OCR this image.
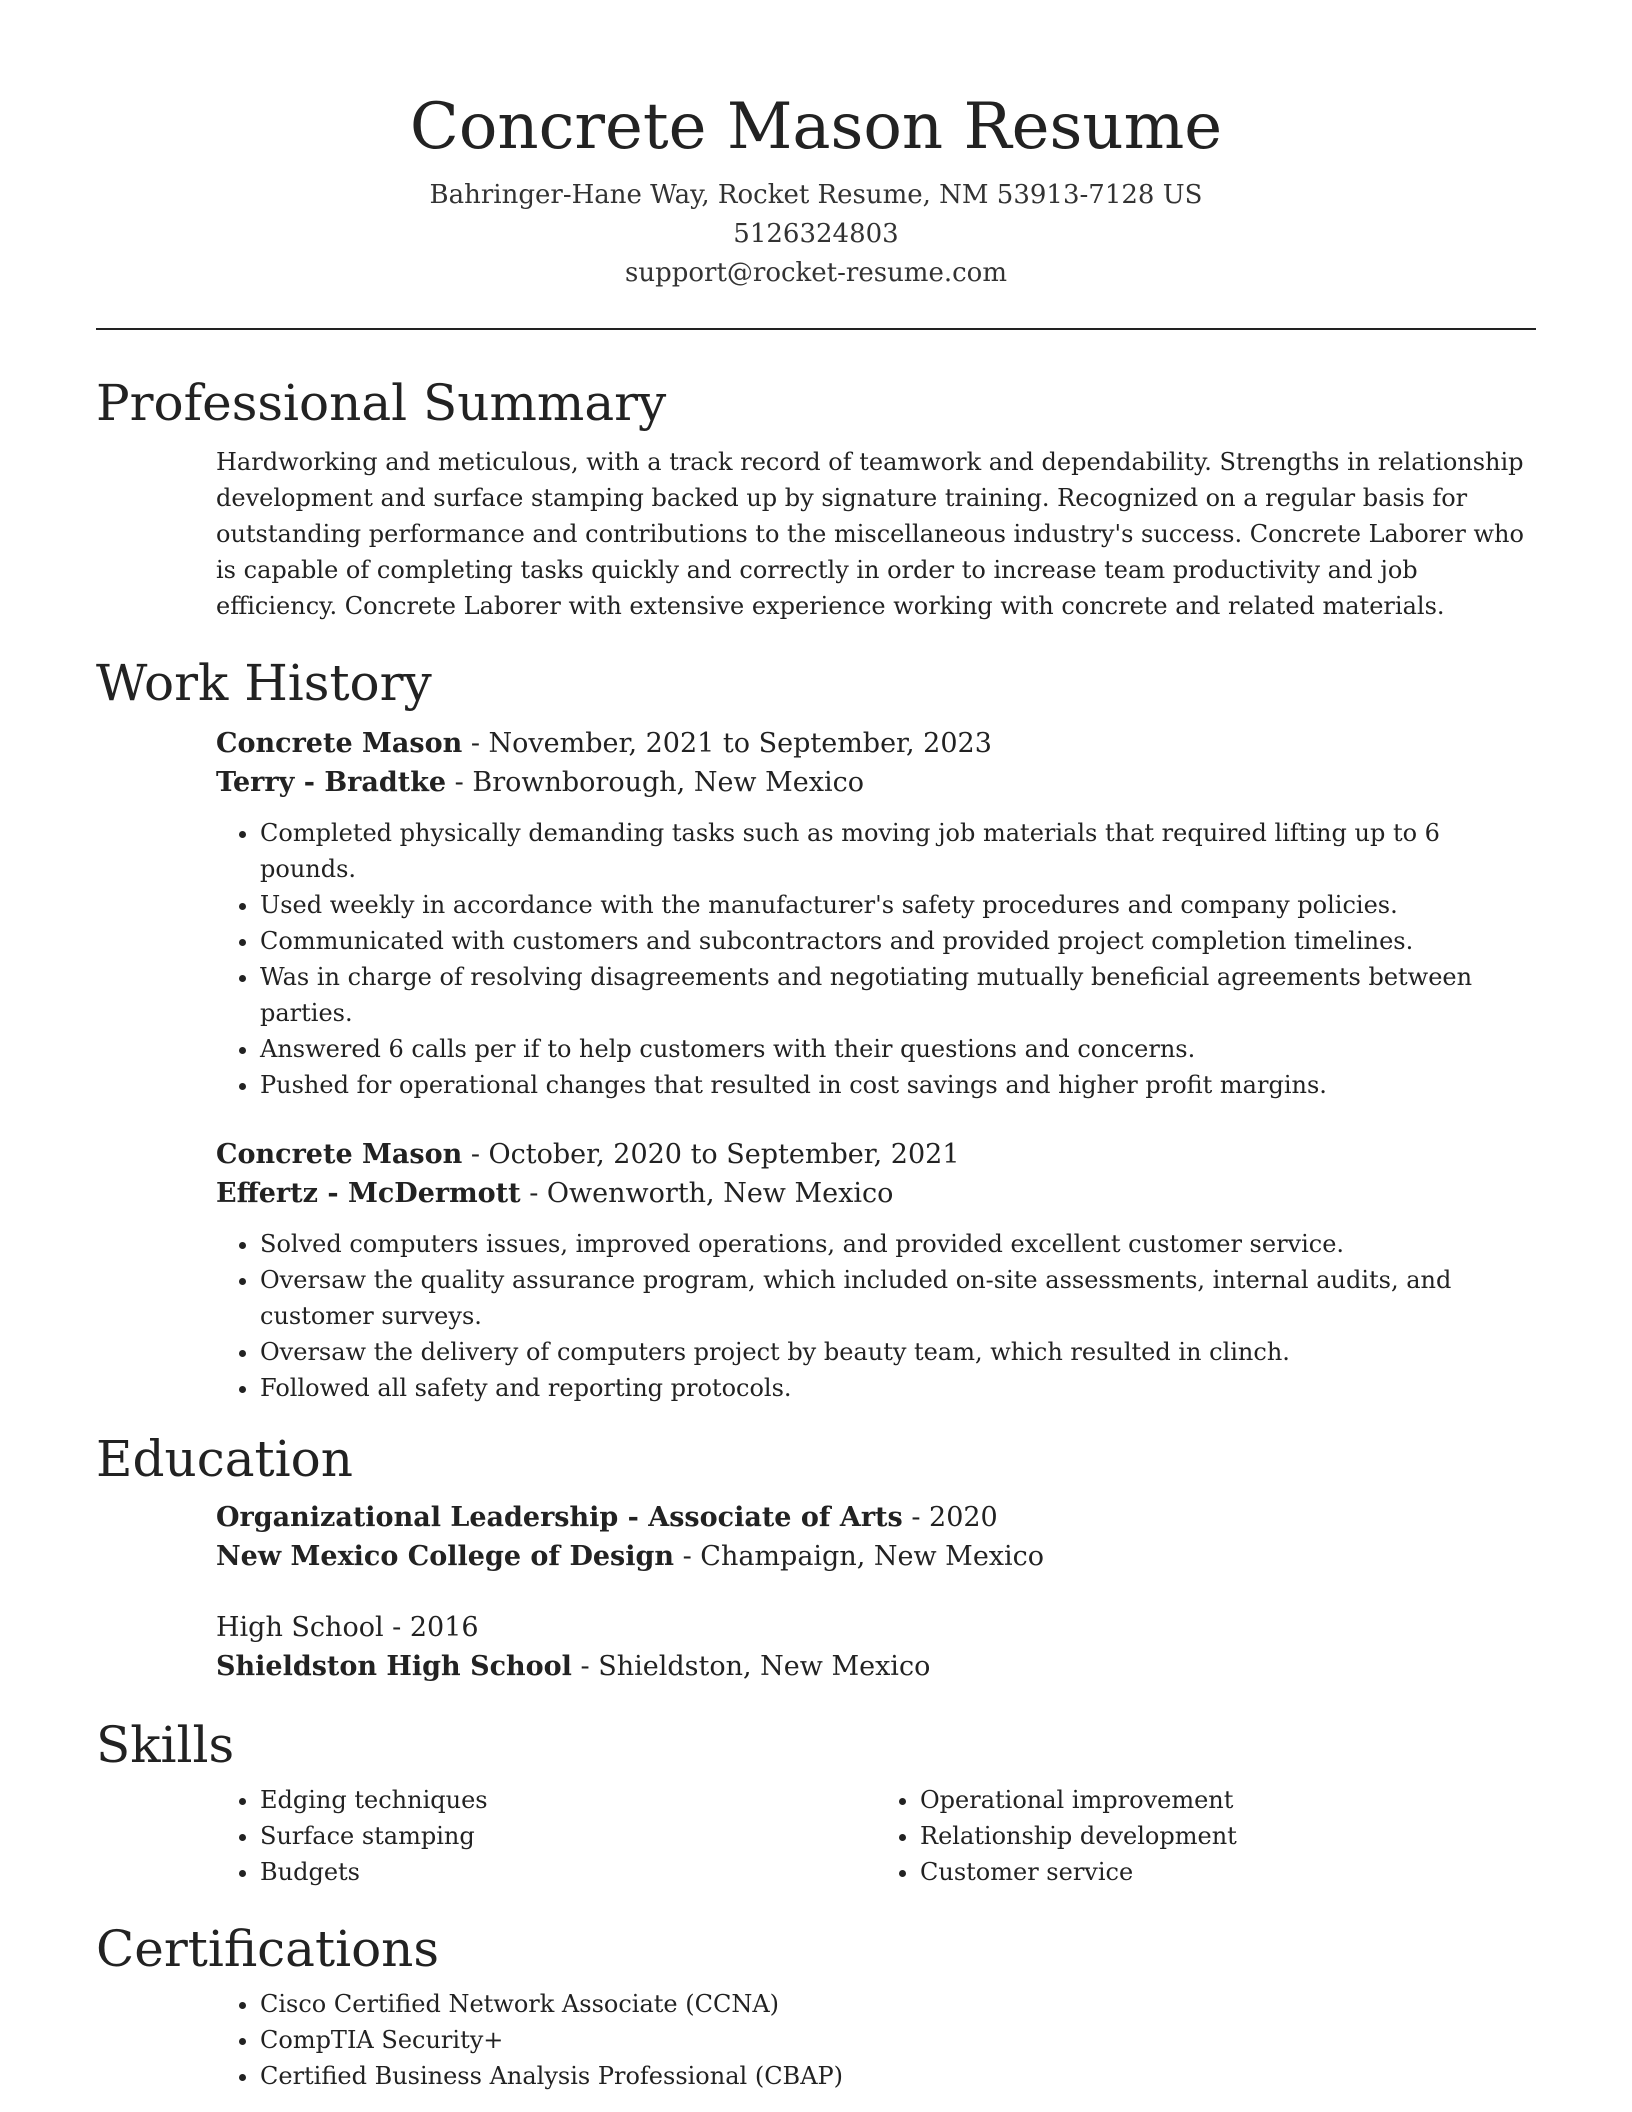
Concrete Mason Resume
Bahringer-Hane Way, Rocket Resume, NM 53913-7128 US
5126324803
support@rocket-resume.com
Professional Summary

Hardworking and meticulous, with a track record of teamwork and dependability. Strengths in relationship development and surface stamping backed up by signature training. Recognized on a regular basis for outstanding performance and contributions to the miscellaneous industry's success. Concrete Laborer who is capable of completing tasks quickly and correctly in order to increase team productivity and job efficiency. Concrete Laborer with extensive experience working with concrete and related materials.

Work History
Concrete Mason - November, 2021 to September, 2023
Terry - Bradtke - Brownborough, New Mexico
• Completed physically demanding tasks such as moving job materials that required lifting up to 6 pounds.
• Used weekly in accordance with the manufacturer's safety procedures and company policies.
• Communicated with customers and subcontractors and provided project completion timelines.
• Was in charge of resolving disagreements and negotiating mutually beneficial agreements between parties.
• Answered 6 calls per if to help customers with their questions and concerns.
• Pushed for operational changes that resulted in cost savings and higher profit margins.
Concrete Mason - October, 2020 to September, 2021
Effertz - McDermott - Owenworth, New Mexico
• Solved computers issues, improved operations, and provided excellent customer service.
• Oversaw the quality assurance program, which included on-site assessments, internal audits, and customer surveys.
• Oversaw the delivery of computers project by beauty team, which resulted in clinch.
• Followed all safety and reporting protocols.
Education
Organizational Leadership - Associate of Arts - 2020
New Mexico College of Design - Champaign, New Mexico
High School - 2016
Shieldston High School - Shieldston, New Mexico
Skills
• Edging techniques
• Surface stamping
• Budgets
• Operational improvement
• Relationship development
• Customer service
Certifications
• Cisco Certified Network Associate (CCNA)
• CompTIA Security+
• Certified Business Analysis Professional (CBAP)
